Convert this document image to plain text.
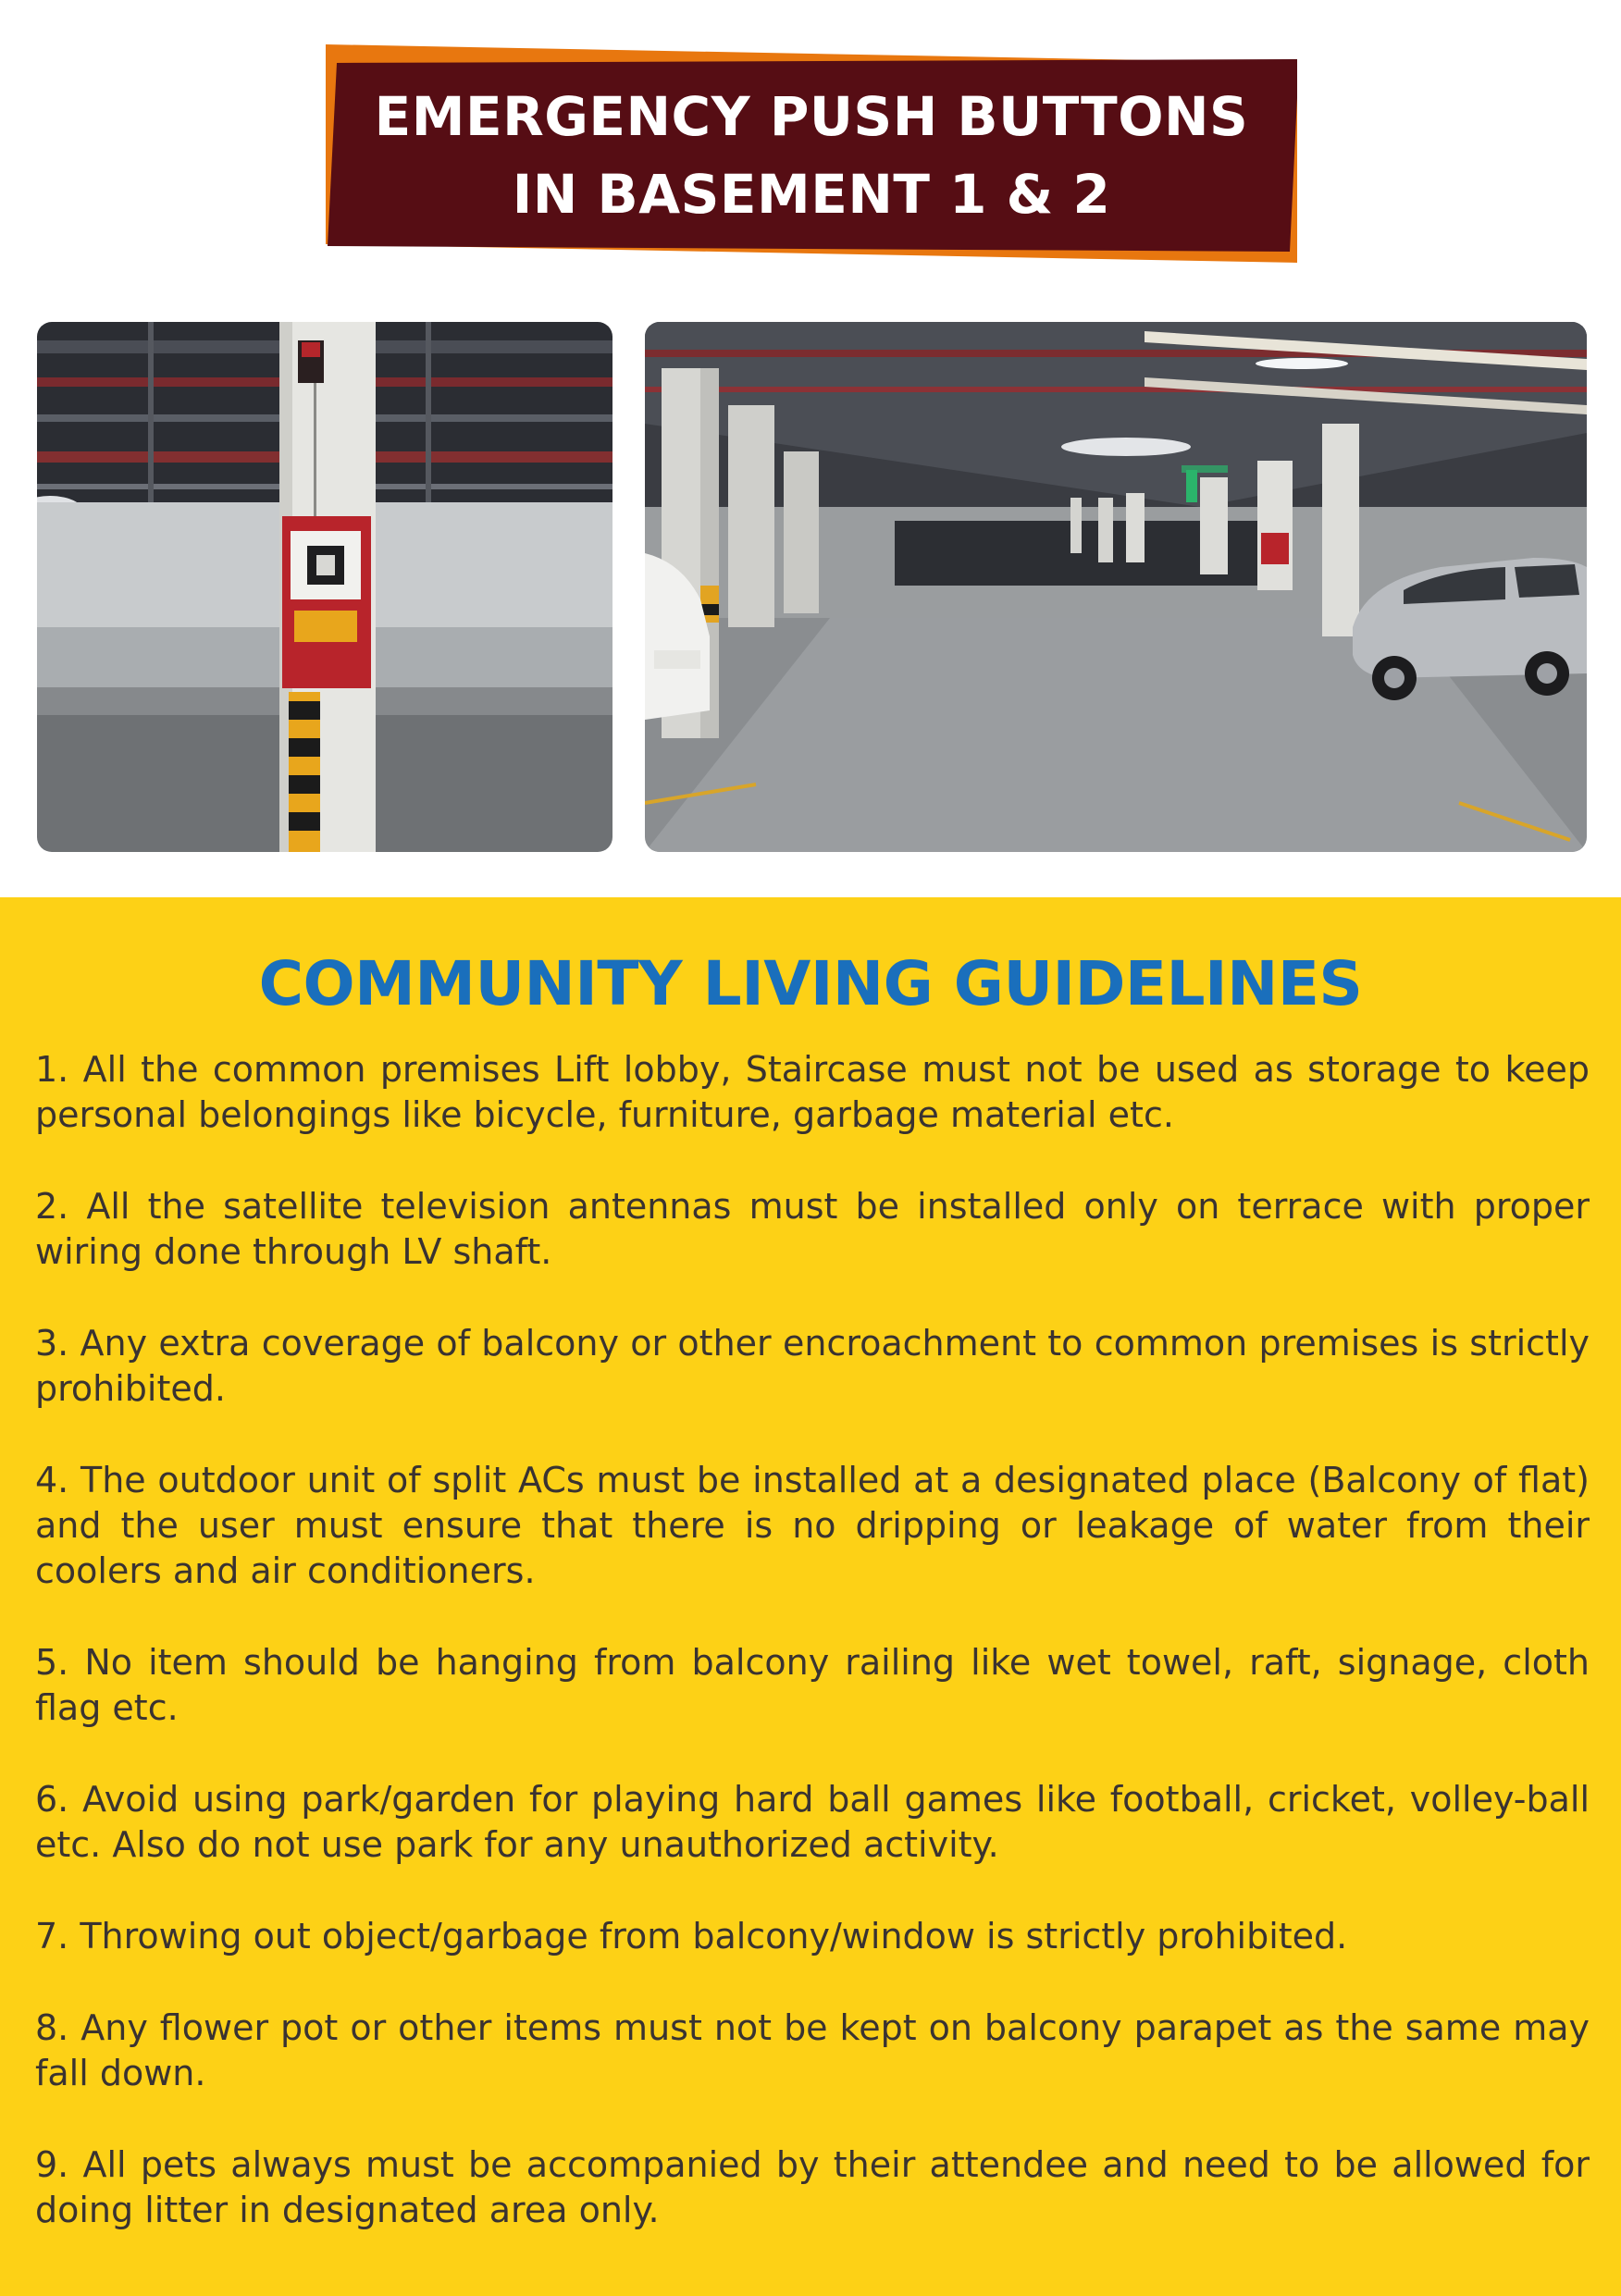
EMERGENCY PUSH BUTTONS
IN BASEMENT 1 & 2
COMMUNITY LIVING GUIDELINES
1. All the common premises Lift lobby, Staircase must not be used as storage to keep personal belongings like bicycle, furniture, garbage material etc.
2. All the satellite television antennas must be installed only on terrace with proper wiring done through LV shaft.
3. Any extra coverage of balcony or other encroachment to common premises is strictly prohibited.
4. The outdoor unit of split ACs must be installed at a designated place (Balcony of flat) and the user must ensure that there is no dripping or leakage of water from their coolers and air conditioners.
5. No item should be hanging from balcony railing like wet towel, raft, signage, cloth flag etc.
6. Avoid using park/garden for playing hard ball games like football, cricket, volley-ball etc. Also do not use park for any unauthorized activity.
7. Throwing out object/garbage from balcony/window is strictly prohibited.
8. Any flower pot or other items must not be kept on balcony parapet as the same may fall down.
9. All pets always must be accompanied by their attendee and need to be allowed for doing litter in designated area only.
